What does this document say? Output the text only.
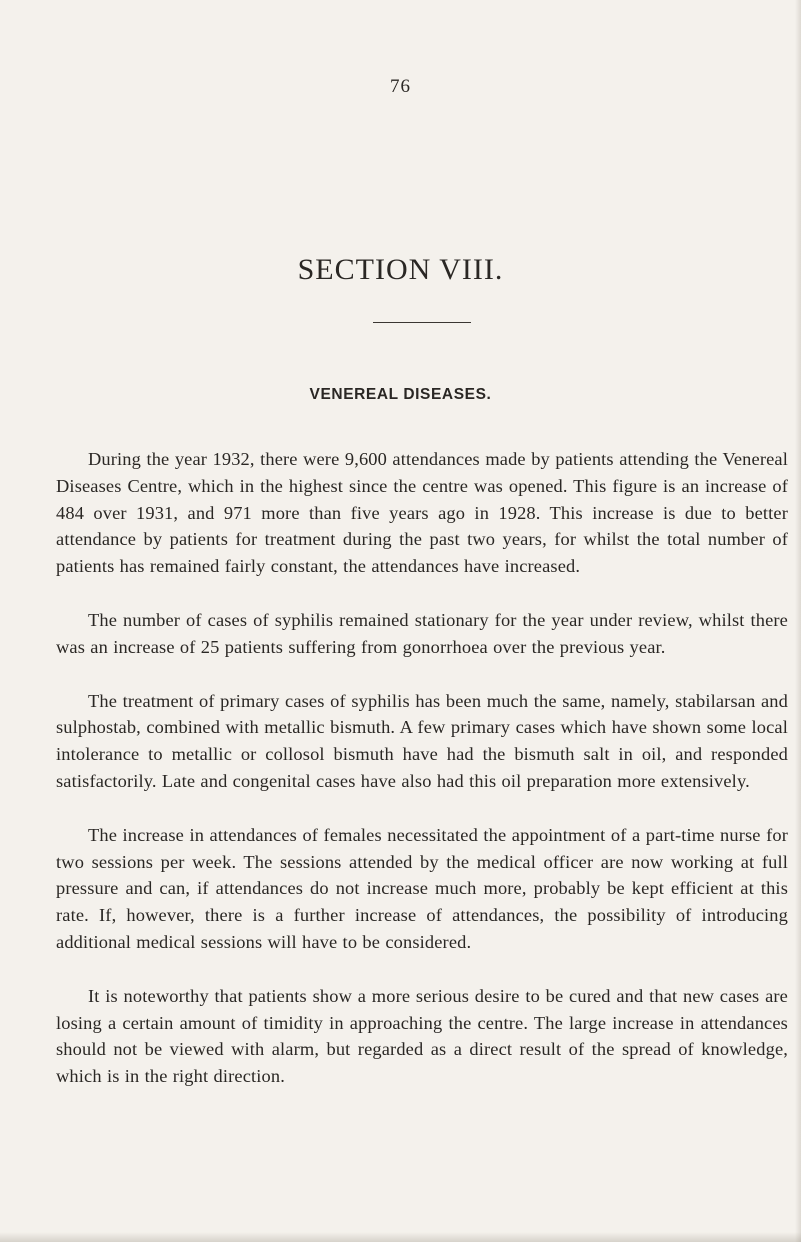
76
SECTION VIII.
VENEREAL DISEASES.

During the year 1932, there were 9,600 attendances made by patients attending the Venereal Diseases Centre, which in the highest since the centre was opened. This figure is an increase of 484 over 1931, and 971 more than five years ago in 1928. This increase is due to better attendance by patients for treatment during the past two years, for whilst the total number of patients has remained fairly constant, the attendances have increased.

The number of cases of syphilis remained stationary for the year under review, whilst there was an increase of 25 patients suffering from gonorrhoea over the previous year.

The treatment of primary cases of syphilis has been much the same, namely, stabilarsan and sulphostab, combined with metallic bismuth. A few primary cases which have shown some local intolerance to metallic or collosol bismuth have had the bismuth salt in oil, and responded satisfactorily. Late and congenital cases have also had this oil preparation more extensively.

The increase in attendances of females necessitated the appointment of a part-time nurse for two sessions per week. The sessions attended by the medical officer are now working at full pressure and can, if attendances do not increase much more, probably be kept efficient at this rate. If, however, there is a further increase of attendances, the possibility of introducing additional medical sessions will have to be considered.

It is noteworthy that patients show a more serious desire to be cured and that new cases are losing a certain amount of timidity in approaching the centre. The large increase in attendances should not be viewed with alarm, but regarded as a direct result of the spread of knowledge, which is in the right direction.
